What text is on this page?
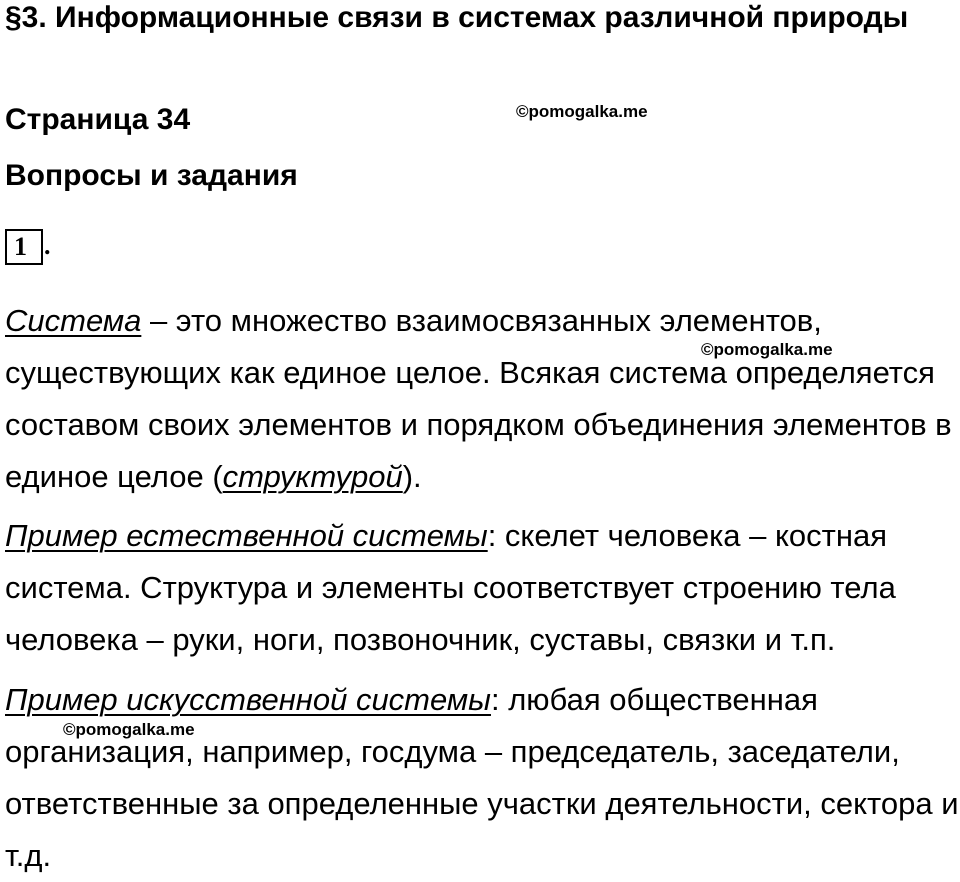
§3. Информационные связи в системах различной природы
Страница 34
Вопросы и задания
1 .

Система – это множество взаимосвязанных элементов, существующих как единое целое. Всякая система определяется составом своих элементов и порядком объединения элементов в единое целое (структурой).

Пример естественной системы: скелет человека – костная система. Структура и элементы соответствует строению тела человека – руки, ноги, позвоночник, суставы, связки и т.п.

Пример искусственной системы: любая общественная организация, например, госдума – председатель, заседатели, ответственные за определенные участки деятельности, сектора и т.д.

©pomogalka.me
©pomogalka.me
©pomogalka.me
